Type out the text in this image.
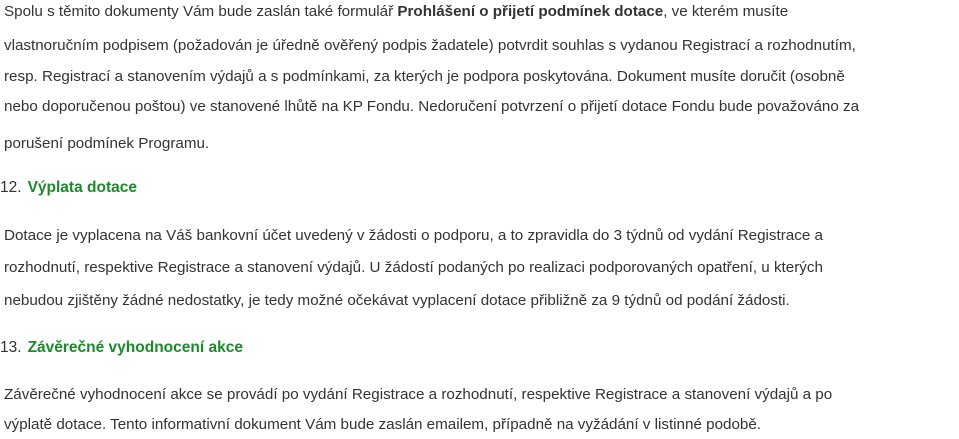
Spolu s těmito dokumenty Vám bude zaslán také formulář Prohlášení o přijetí podmínek dotace, ve kterém musíte
vlastnoručním podpisem (požadován je úředně ověřený podpis žadatele) potvrdit souhlas s vydanou Registrací a rozhodnutím,
resp. Registrací a stanovením výdajů a s podmínkami, za kterých je podpora poskytována. Dokument musíte doručit (osobně
nebo doporučenou poštou) ve stanovené lhůtě na KP Fondu. Nedoručení potvrzení o přijetí dotace Fondu bude považováno za
porušení podmínek Programu.
12. Výplata dotace
Dotace je vyplacena na Váš bankovní účet uvedený v žádosti o podporu, a to zpravidla do 3 týdnů od vydání Registrace a
rozhodnutí, respektive Registrace a stanovení výdajů. U žádostí podaných po realizaci podporovaných opatření, u kterých
nebudou zjištěny žádné nedostatky, je tedy možné očekávat vyplacení dotace přibližně za 9 týdnů od podání žádosti.
13. Závěrečné vyhodnocení akce
Závěrečné vyhodnocení akce se provádí po vydání Registrace a rozhodnutí, respektive Registrace a stanovení výdajů a po
výplatě dotace. Tento informativní dokument Vám bude zaslán emailem, případně na vyžádání v listinné podobě.
